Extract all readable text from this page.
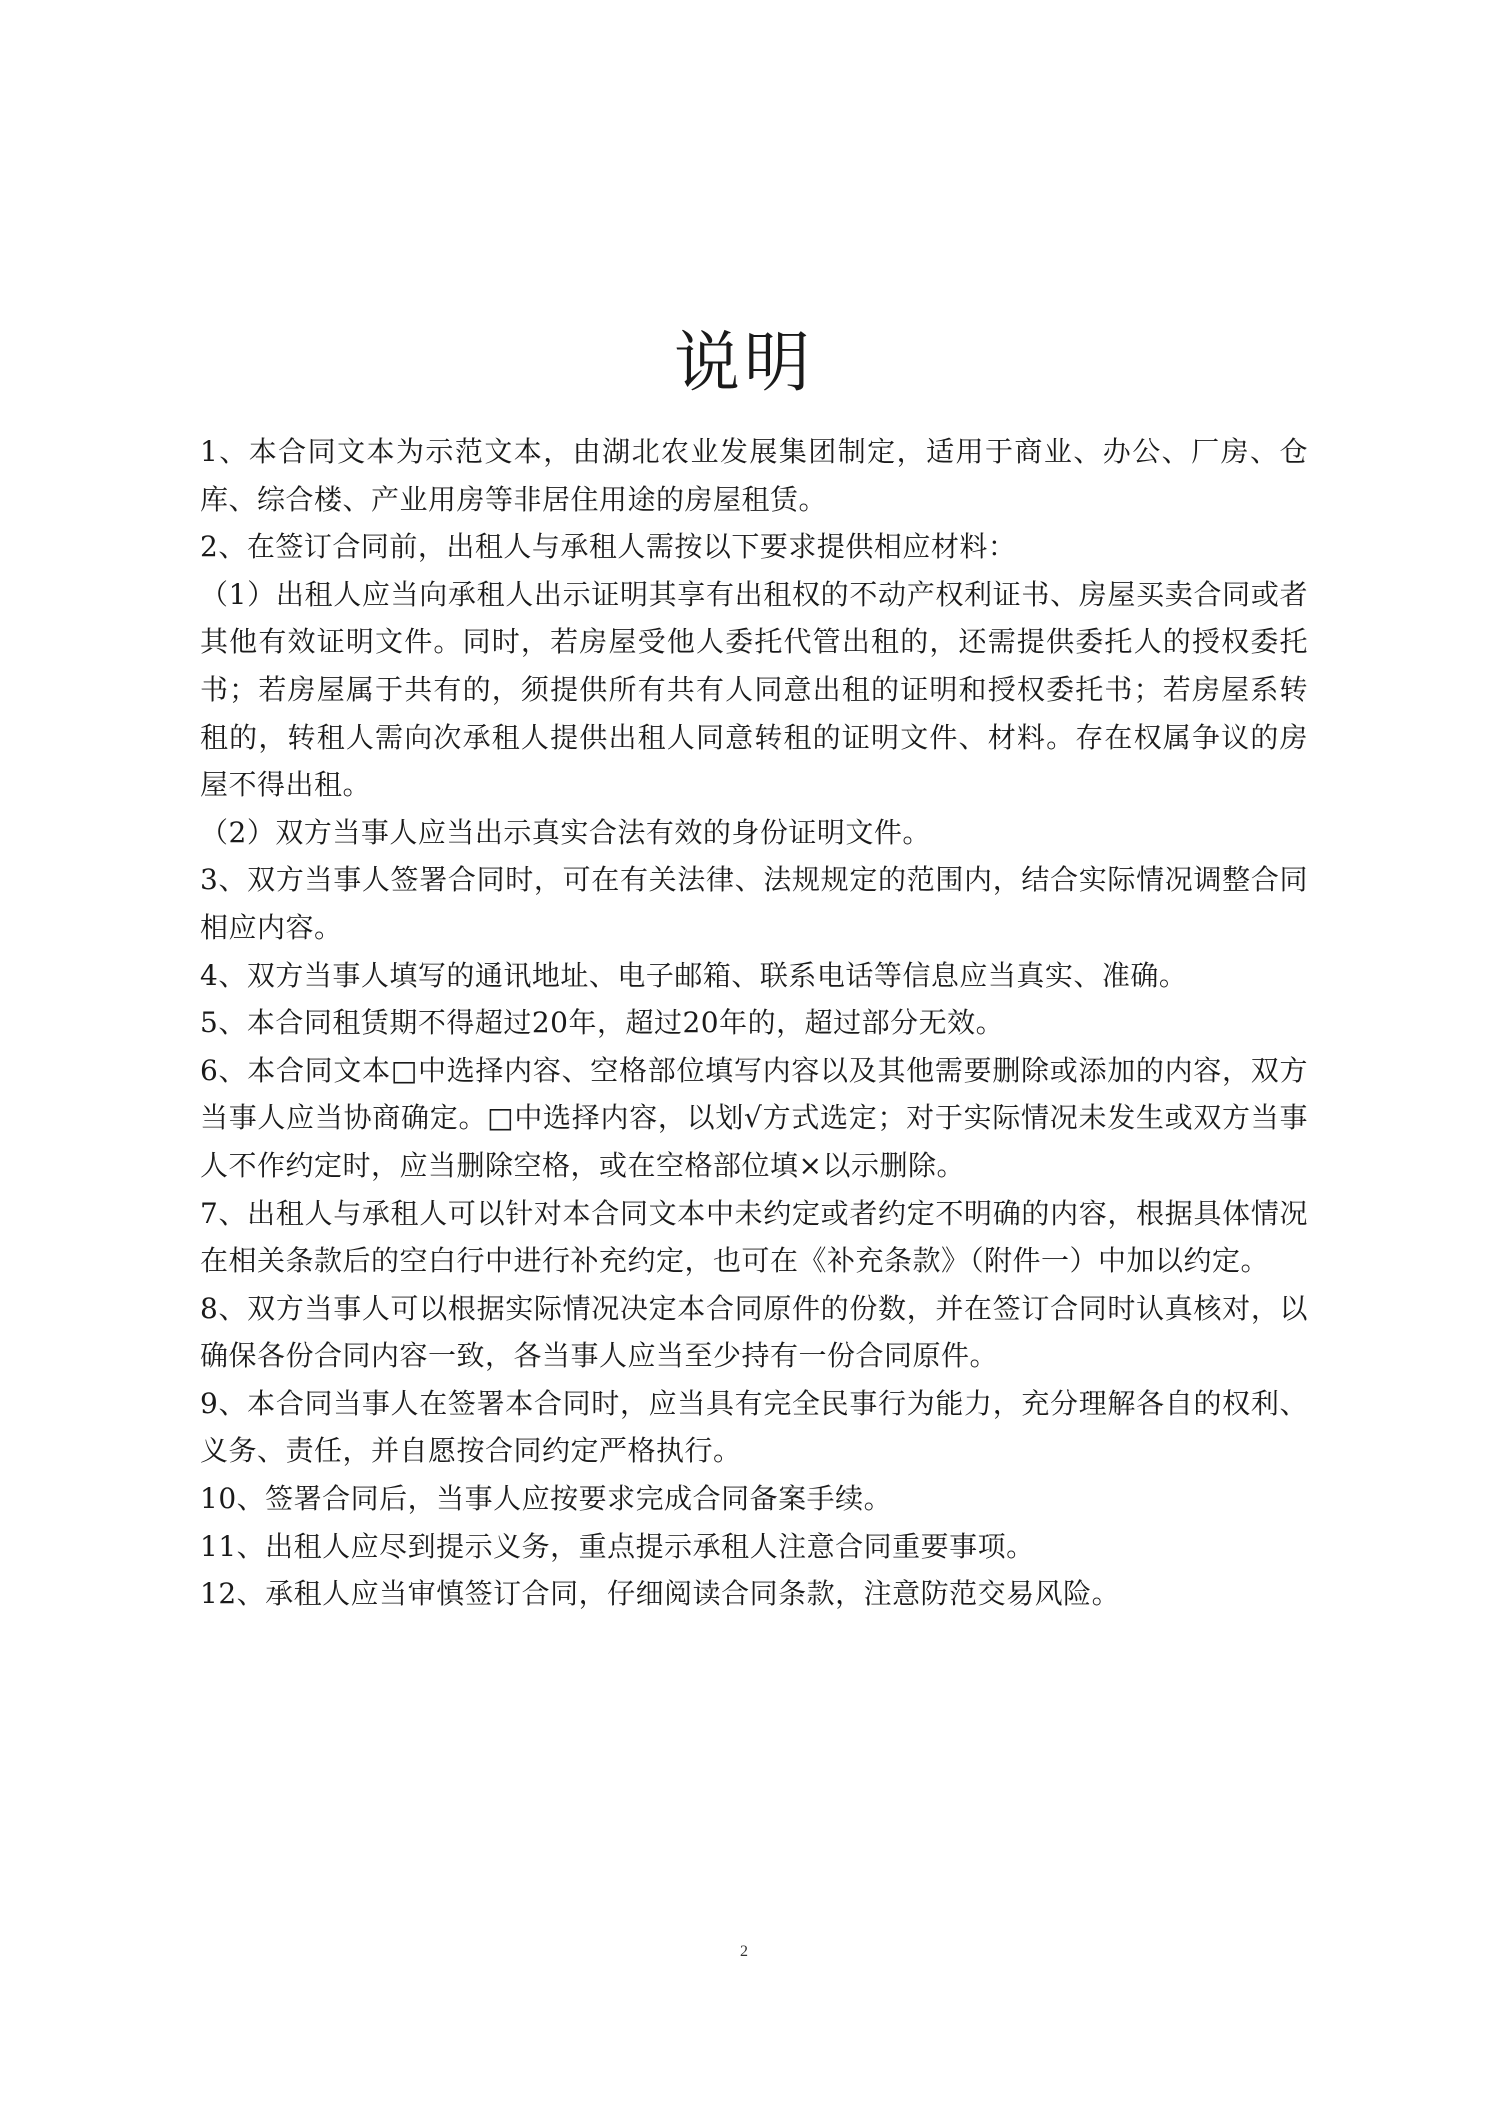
说明

1、本合同文本为示范文本，由湖北农业发展集团制定，适用于商业、办公、厂房、仓库、综合楼、产业用房等非居住用途的房屋租赁。

2、在签订合同前，出租人与承租人需按以下要求提供相应材料：

（1）出租人应当向承租人出示证明其享有出租权的不动产权利证书、房屋买卖合同或者其他有效证明文件。同时，若房屋受他人委托代管出租的，还需提供委托人的授权委托书；若房屋属于共有的，须提供所有共有人同意出租的证明和授权委托书；若房屋系转租的，转租人需向次承租人提供出租人同意转租的证明文件、材料。存在权属争议的房屋不得出租。

（2）双方当事人应当出示真实合法有效的身份证明文件。

3、双方当事人签署合同时，可在有关法律、法规规定的范围内，结合实际情况调整合同相应内容。

4、双方当事人填写的通讯地址、电子邮箱、联系电话等信息应当真实、准确。

5、本合同租赁期不得超过20年，超过20年的，超过部分无效。

6、本合同文本□中选择内容、空格部位填写内容以及其他需要删除或添加的内容，双方当事人应当协商确定。□中选择内容，以划√方式选定；对于实际情况未发生或双方当事人不作约定时，应当删除空格，或在空格部位填×以示删除。

7、出租人与承租人可以针对本合同文本中未约定或者约定不明确的内容，根据具体情况在相关条款后的空白行中进行补充约定，也可在《补充条款》（附件一）中加以约定。

8、双方当事人可以根据实际情况决定本合同原件的份数，并在签订合同时认真核对，以确保各份合同内容一致，各当事人应当至少持有一份合同原件。

9、本合同当事人在签署本合同时，应当具有完全民事行为能力，充分理解各自的权利、义务、责任，并自愿按合同约定严格执行。

10、签署合同后，当事人应按要求完成合同备案手续。

11、出租人应尽到提示义务，重点提示承租人注意合同重要事项。

12、承租人应当审慎签订合同，仔细阅读合同条款，注意防范交易风险。

2
